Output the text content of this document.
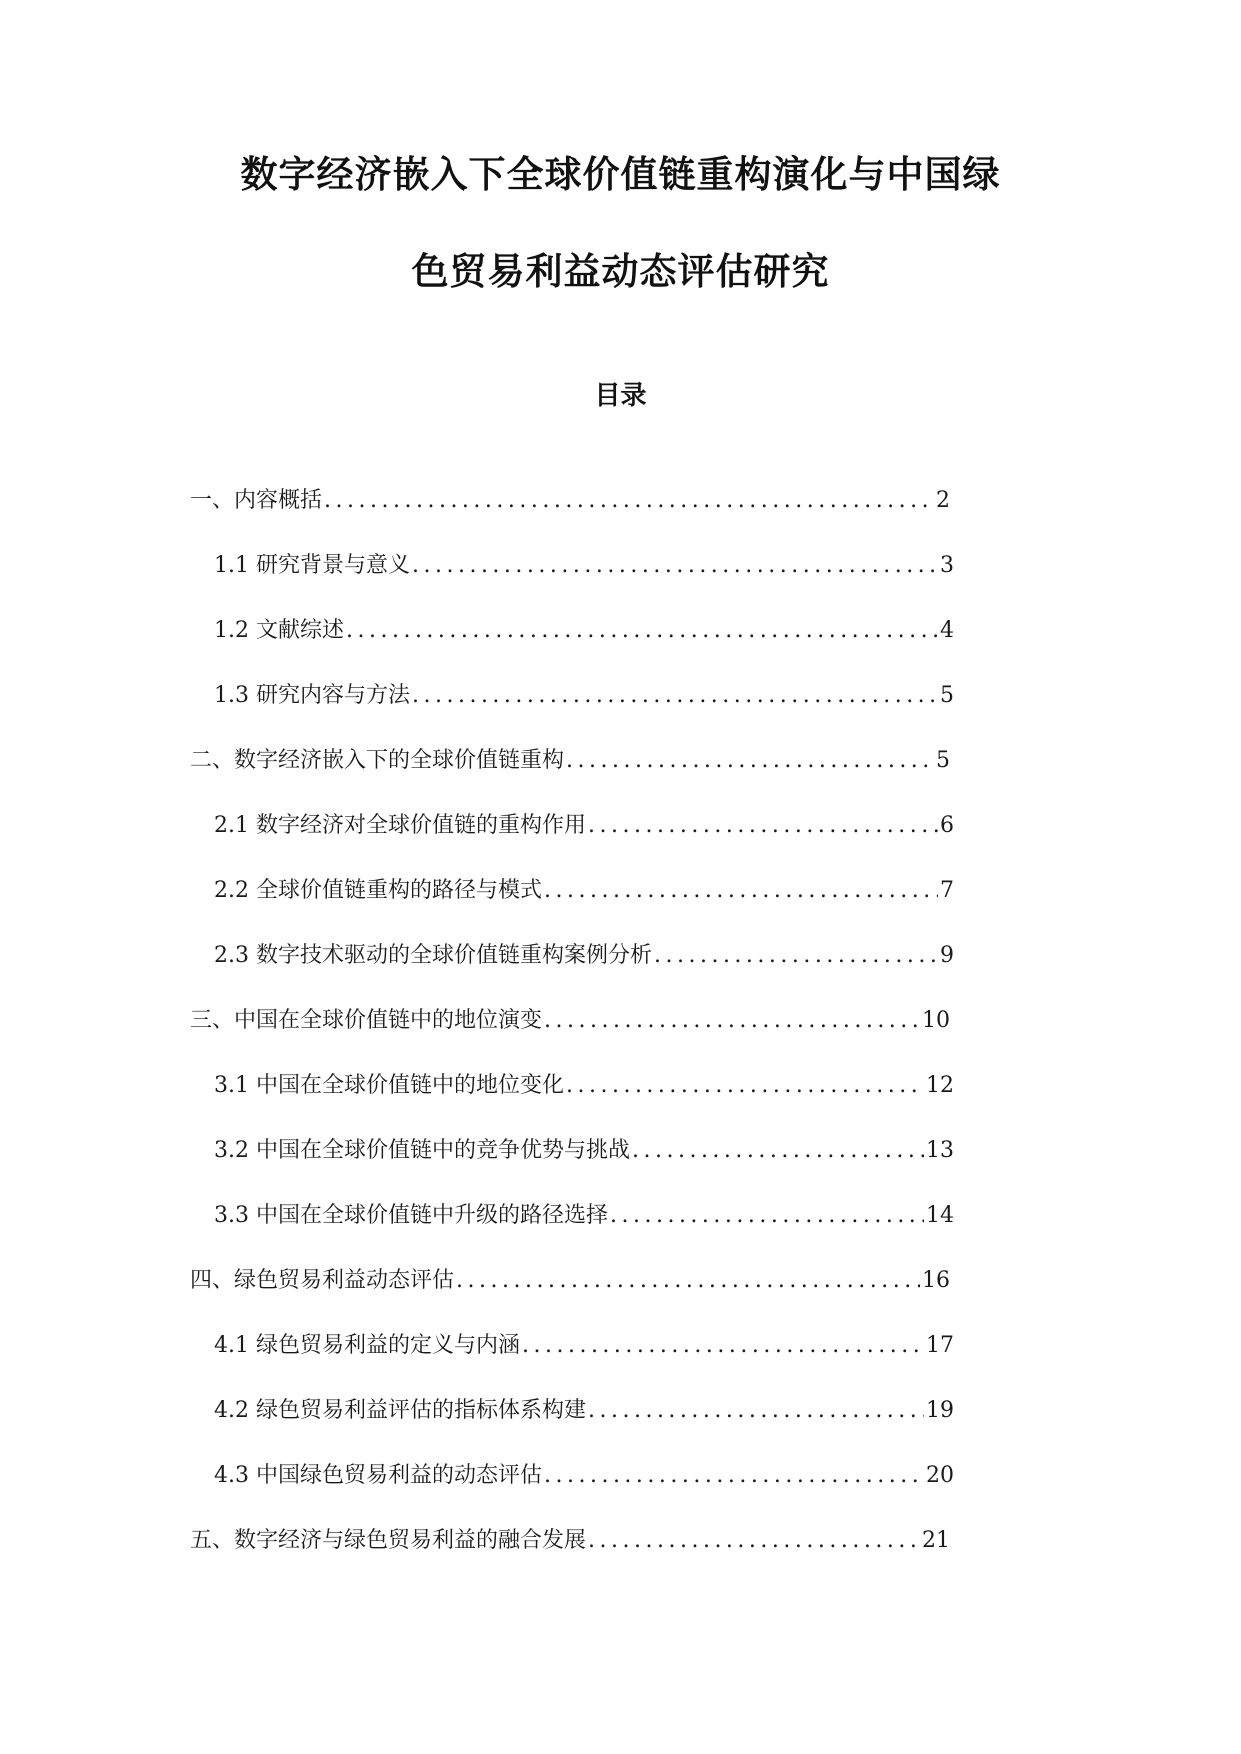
数字经济嵌入下全球价值链重构演化与中国绿
色贸易利益动态评估研究
目录
一、内容概括 .....	2
1.1 研究背景与意义 .....	3
1.2 文献综述 .....	4
1.3 研究内容与方法 .....	5
二、数字经济嵌入下的全球价值链重构 .....	5
2.1 数字经济对全球价值链的重构作用 .....	6
2.2 全球价值链重构的路径与模式 .....	7
2.3 数字技术驱动的全球价值链重构案例分析 .....	9
三、中国在全球价值链中的地位演变 .....	10
3.1 中国在全球价值链中的地位变化 .....	12
3.2 中国在全球价值链中的竞争优势与挑战 .....	13
3.3 中国在全球价值链中升级的路径选择 .....	14
四、绿色贸易利益动态评估 .....	16
4.1 绿色贸易利益的定义与内涵 .....	17
4.2 绿色贸易利益评估的指标体系构建 .....	19
4.3 中国绿色贸易利益的动态评估 .....	20
五、数字经济与绿色贸易利益的融合发展 .....	21
